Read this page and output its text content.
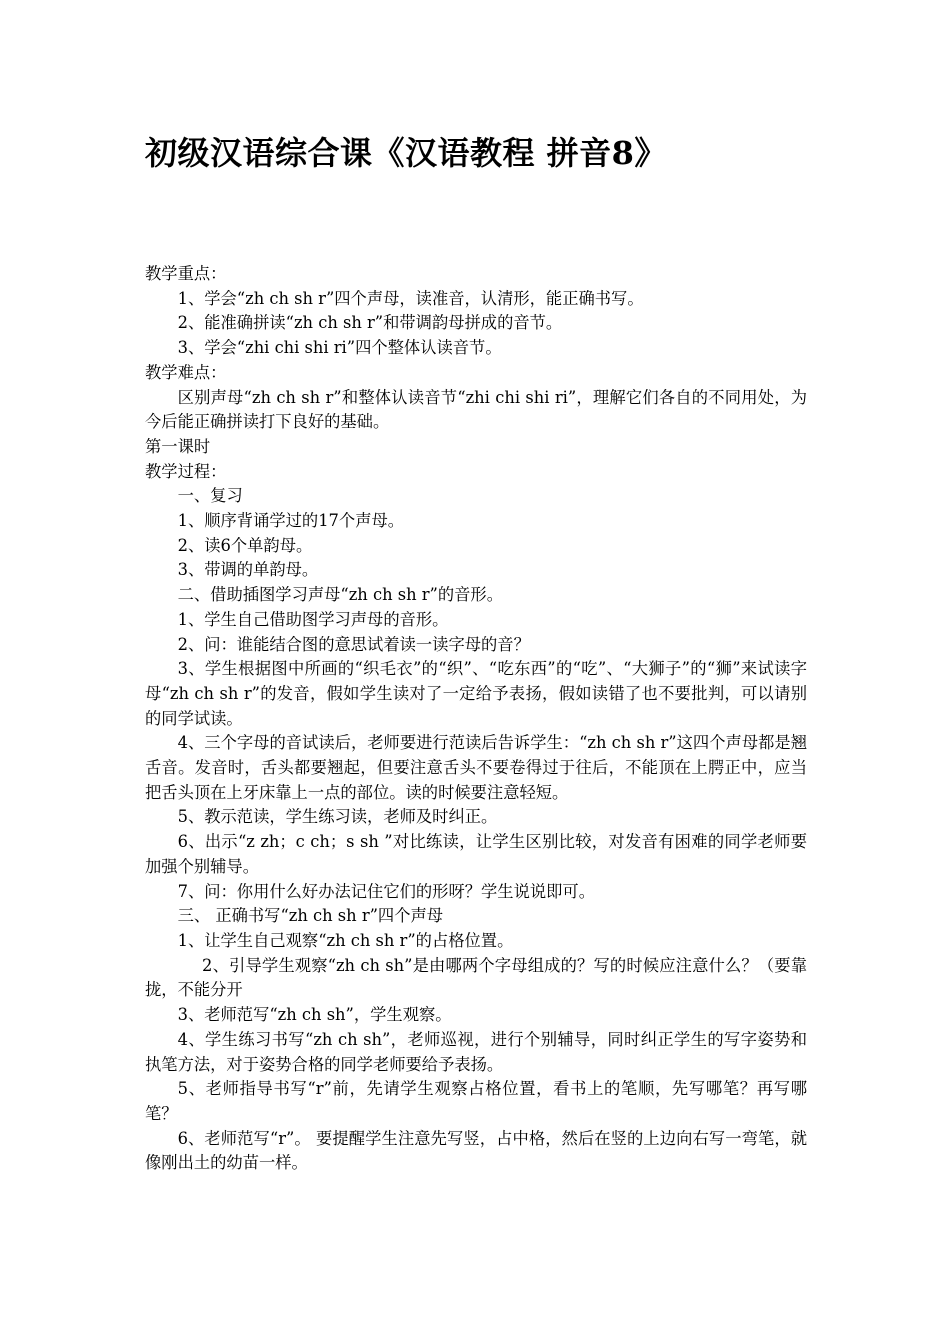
初级汉语综合课《汉语教程 拼音8》

教学重点：

1、学会“zh ch sh r”四个声母，读准音，认清形，能正确书写。

2、能准确拼读“zh ch sh r”和带调韵母拼成的音节。

3、学会“zhi chi shi ri”四个整体认读音节。

教学难点：

区别声母“zh ch sh r”和整体认读音节“zhi chi shi ri”，理解它们各自的不同用处，为今后能正确拼读打下良好的基础。

第一课时

教学过程：

一、复习

1、顺序背诵学过的17个声母。

2、读6个单韵母。

3、带调的单韵母。

二、借助插图学习声母“zh ch sh r”的音形。

1、学生自己借助图学习声母的音形。

2、问：谁能结合图的意思试着读一读字母的音？

3、学生根据图中所画的“织毛衣”的“织”、“吃东西”的“吃”、“大狮子”的“狮”来试读字母“zh ch sh r”的发音，假如学生读对了一定给予表扬，假如读错了也不要批判，可以请别的同学试读。

4、三个字母的音试读后，老师要进行范读后告诉学生：“zh ch sh r”这四个声母都是翘舌音。发音时，舌头都要翘起，但要注意舌头不要卷得过于往后，不能顶在上腭正中，应当把舌头顶在上牙床靠上一点的部位。读的时候要注意轻短。

5、教示范读，学生练习读，老师及时纠正。

6、出示“z zh；c ch；s sh ”对比练读，让学生区别比较，对发音有困难的同学老师要加强个别辅导。

7、问：你用什么好办法记住它们的形呀？学生说说即可。

三、 正确书写“zh ch sh r”四个声母

1、让学生自己观察“zh ch sh r”的占格位置。

2、引导学生观察“zh ch sh”是由哪两个字母组成的？写的时候应注意什么？（要靠拢，不能分开

3、老师范写“zh ch sh”，学生观察。

4、学生练习书写“zh ch sh”，老师巡视，进行个别辅导，同时纠正学生的写字姿势和执笔方法，对于姿势合格的同学老师要给予表扬。

5、老师指导书写“r”前，先请学生观察占格位置，看书上的笔顺，先写哪笔？再写哪笔？

6、老师范写“r”。 要提醒学生注意先写竖，占中格，然后在竖的上边向右写一弯笔，就像刚出土的幼苗一样。
